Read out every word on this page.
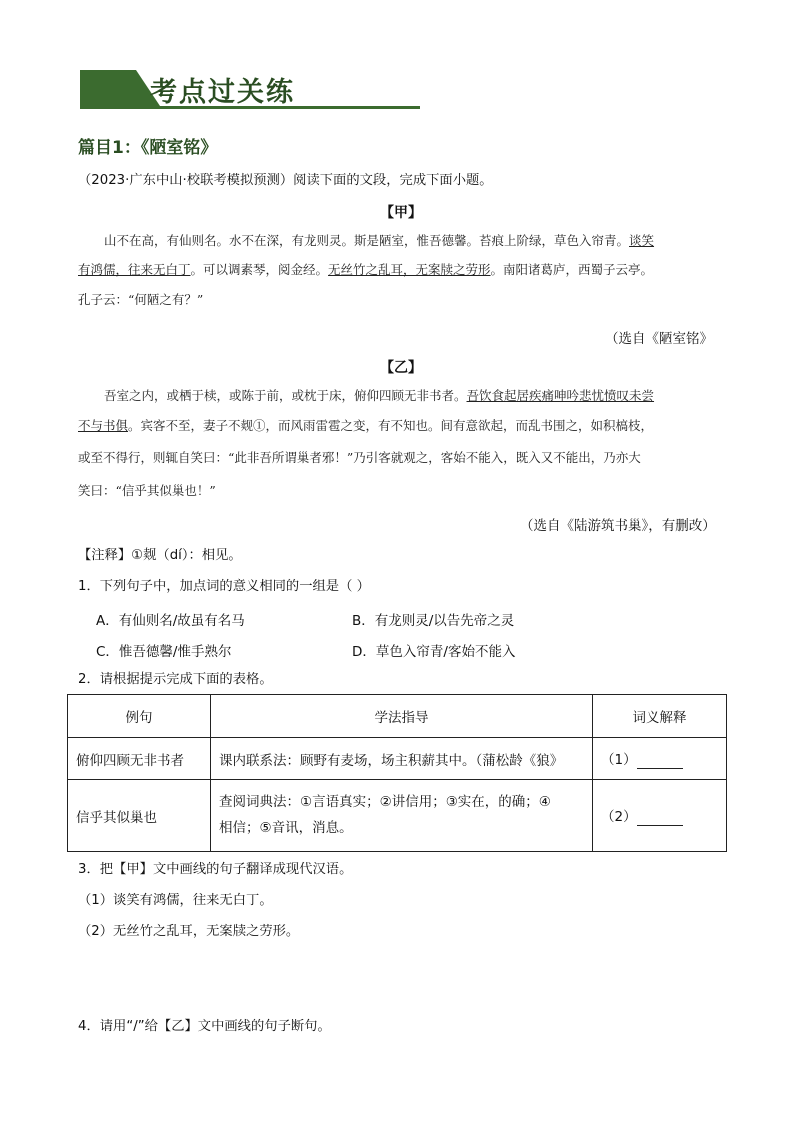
考点过关练
篇目1：《陋室铭》
（2023·广东中山·校联考模拟预测）阅读下面的文段，完成下面小题。
【甲】
山不在高，有仙则名。水不在深，有龙则灵。斯是陋室，惟吾德馨。苔痕上阶绿，草色入帘青。谈笑
有鸿儒，往来无白丁。可以调素琴，阅金经。无丝竹之乱耳，无案牍之劳形。南阳诸葛庐，西蜀子云亭。
孔子云：“何陋之有？”
（选自《陋室铭》
【乙】
吾室之内，或栖于椟，或陈于前，或枕于床，俯仰四顾无非书者。吾饮食起居疾痛呻吟悲忧愤叹未尝
不与书俱。宾客不至，妻子不觌①，而风雨雷雹之变，有不知也。间有意欲起，而乱书围之，如积槁枝，
或至不得行，则辄自笑曰：“此非吾所谓巢者邪！”乃引客就观之，客始不能入，既入又不能出，乃亦大
笑曰：“信乎其似巢也！”
（选自《陆游筑书巢》，有删改）
【注释】①觌（dí）：相见。
1．下列句子中，加点词的意义相同的一组是（ ）
A．有仙则名/故虽有名马	B．有龙则灵/以告先帝之灵
C．惟吾德馨/惟手熟尔	D．草色入帘青/客始不能入
2．请根据提示完成下面的表格。
例句	学法指导	词义解释
俯仰四顾无非书者	课内联系法：顾野有麦场，场主积薪其中。（蒲松龄《狼》	（1）
信乎其似巢也	查阅词典法：①言语真实；②讲信用；③实在，的确；④
相信；⑤音讯，消息。	（2）
3．把【甲】文中画线的句子翻译成现代汉语。
（1）谈笑有鸿儒，往来无白丁。
（2）无丝竹之乱耳，无案牍之劳形。
4．请用“/”给【乙】文中画线的句子断句。
